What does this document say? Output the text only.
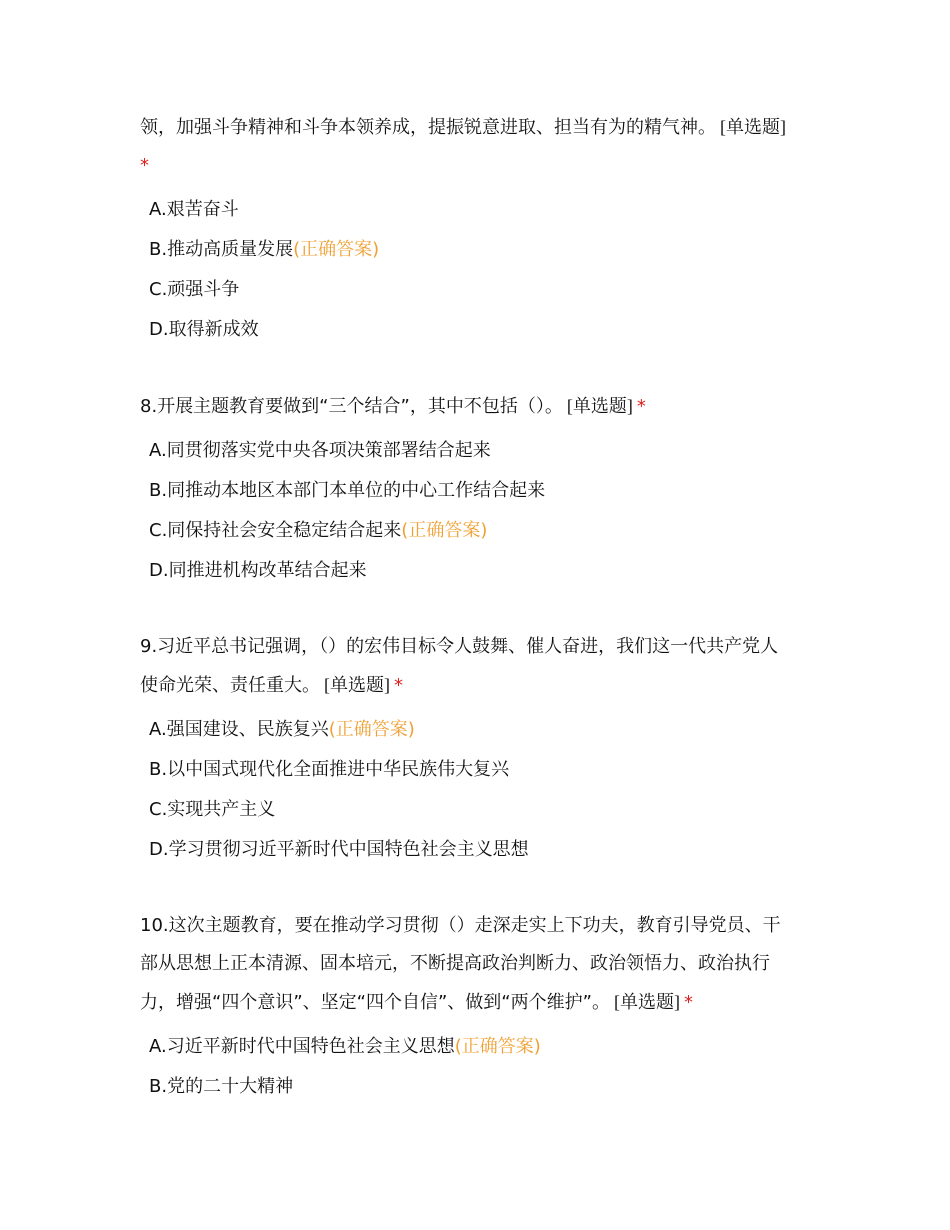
领，加强斗争精神和斗争本领养成，提振锐意进取、担当有为的精气神。 [单选题]

*

A.艰苦奋斗
B.推动高质量发展(正确答案)
C.顽强斗争
D.取得新成效

8.开展主题教育要做到“三个结合”，其中不包括（）。 [单选题] *

A.同贯彻落实党中央各项决策部署结合起来
B.同推动本地区本部门本单位的中心工作结合起来
C.同保持社会安全稳定结合起来(正确答案)
D.同推进机构改革结合起来

9.习近平总书记强调，（）的宏伟目标令人鼓舞、催人奋进，我们这一代共产党人

使命光荣、责任重大。 [单选题] *

A.强国建设、民族复兴(正确答案)
B.以中国式现代化全面推进中华民族伟大复兴
C.实现共产主义
D.学习贯彻习近平新时代中国特色社会主义思想

10.这次主题教育，要在推动学习贯彻（）走深走实上下功夫，教育引导党员、干

部从思想上正本清源、固本培元，不断提高政治判断力、政治领悟力、政治执行

力，增强“四个意识”、坚定“四个自信”、做到“两个维护”。 [单选题] *

A.习近平新时代中国特色社会主义思想(正确答案)
B.党的二十大精神
